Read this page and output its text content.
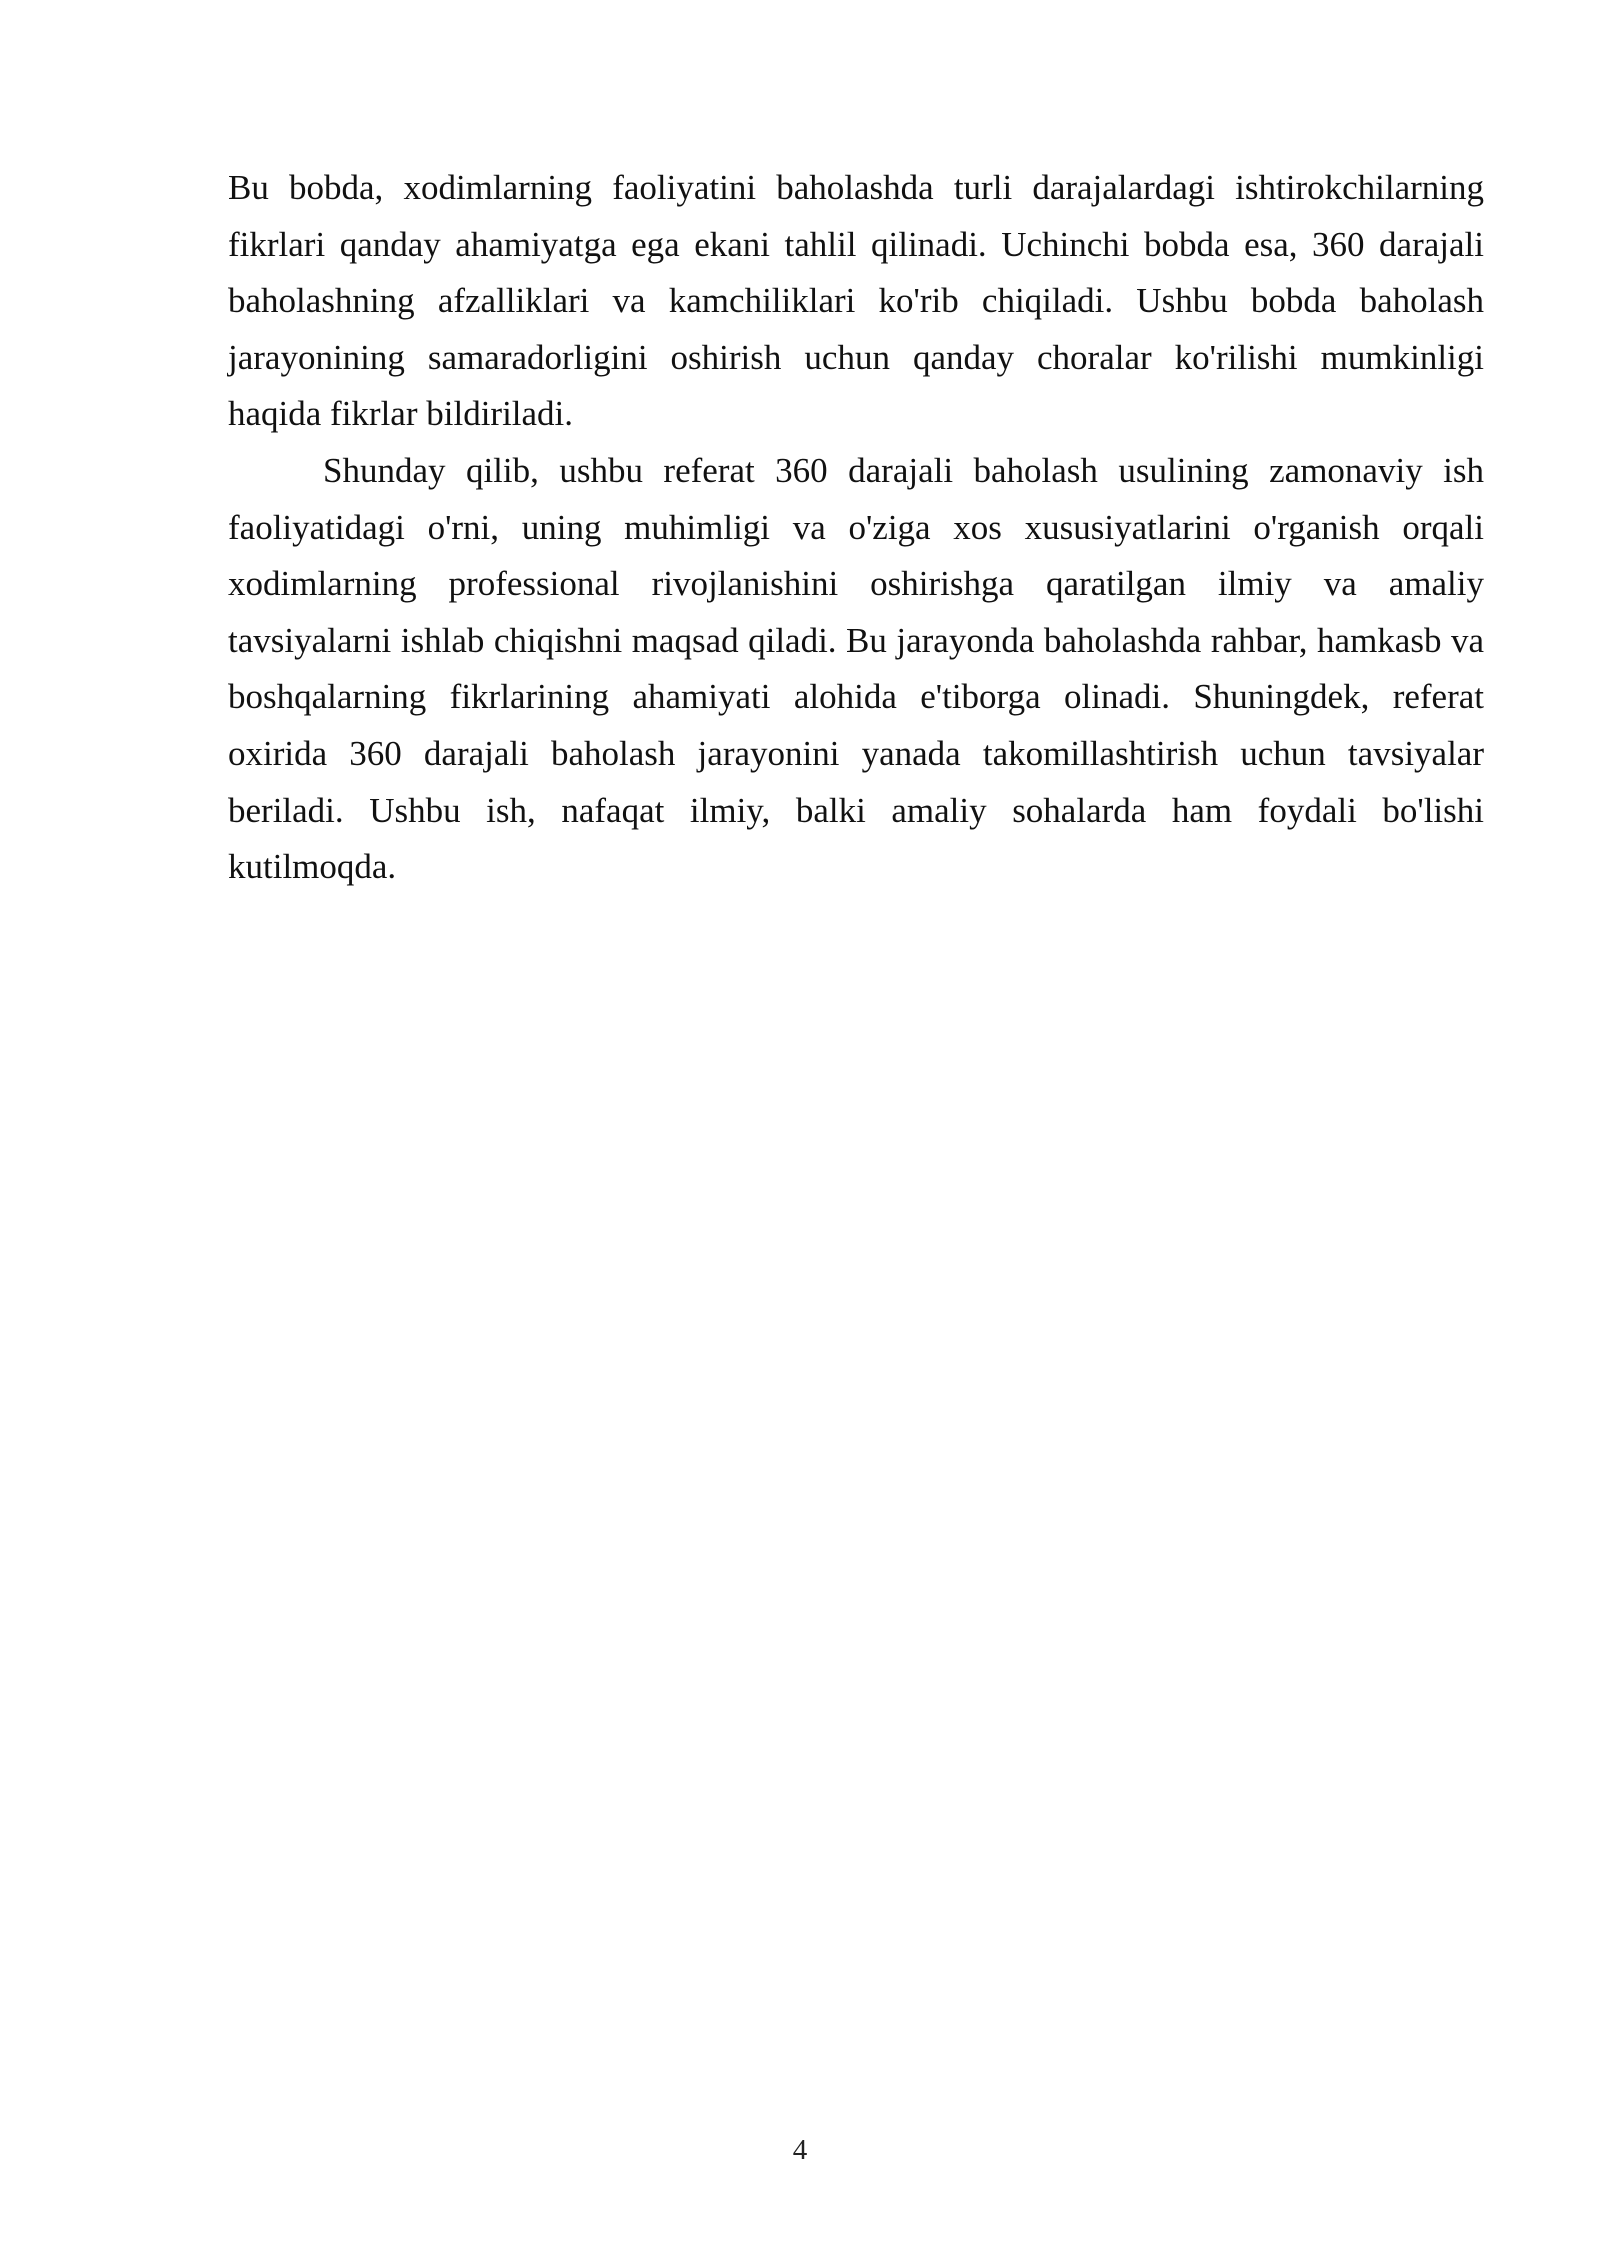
Bu bobda, xodimlarning faoliyatini baholashda turli darajalardagi ishtirokchilarning fikrlari qanday ahamiyatga ega ekani tahlil qilinadi. Uchinchi bobda esa, 360 darajali baholashning afzalliklari va kamchiliklari ko'rib chiqiladi. Ushbu bobda baholash jarayonining samaradorligini oshirish uchun qanday choralar ko'rilishi mumkinligi haqida fikrlar bildiriladi.

Shunday qilib, ushbu referat 360 darajali baholash usulining zamonaviy ish faoliyatidagi o'rni, uning muhimligi va o'ziga xos xususiyatlarini o'rganish orqali xodimlarning professional rivojlanishini oshirishga qaratilgan ilmiy va amaliy tavsiyalarni ishlab chiqishni maqsad qiladi. Bu jarayonda baholashda rahbar, hamkasb va boshqalarning fikrlarining ahamiyati alohida e'tiborga olinadi. Shuningdek, referat oxirida 360 darajali baholash jarayonini yanada takomillashtirish uchun tavsiyalar beriladi. Ushbu ish, nafaqat ilmiy, balki amaliy sohalarda ham foydali bo'lishi kutilmoqda.

4
